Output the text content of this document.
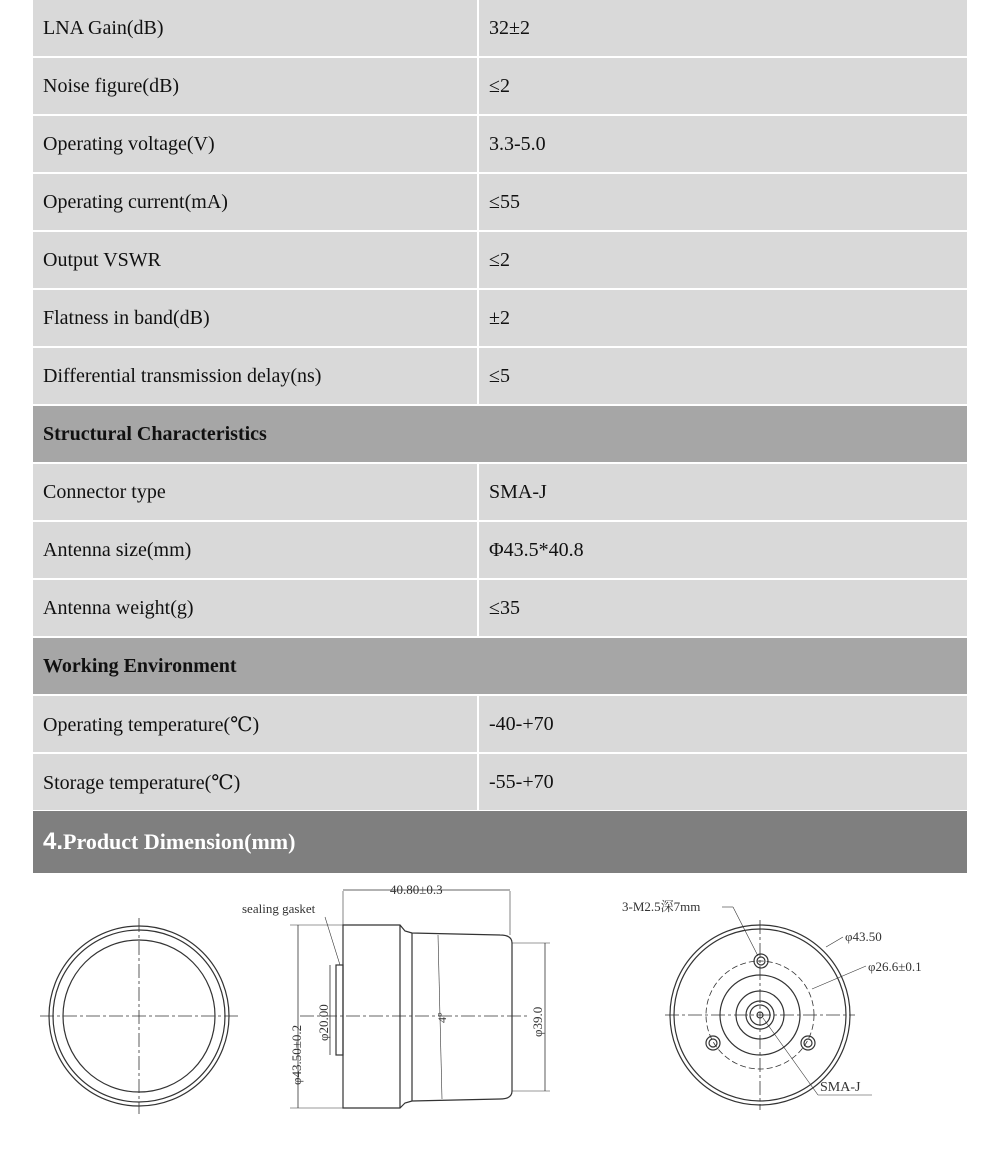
LNA Gain(dB)	32±2
Noise figure(dB)	≤2
Operating voltage(V)	3.3-5.0
Operating current(mA)	≤55
Output VSWR	≤2
Flatness in band(dB)	±2
Differential transmission delay(ns)	≤5
Structural Characteristics
Connector type	SMA-J
Antenna size(mm)	Φ43.5*40.8
Antenna weight(g)	≤35
Working Environment
Operating temperature(℃)	-40-+70
Storage temperature(℃)	-55-+70
4. Product Dimension(mm)
sealing gasket
40.80±0.3
φ43.50±0.2
φ20.00	φ39.0
4°
3-M2.5深7mm
φ43.50
φ26.6±0.1
SMA-J
